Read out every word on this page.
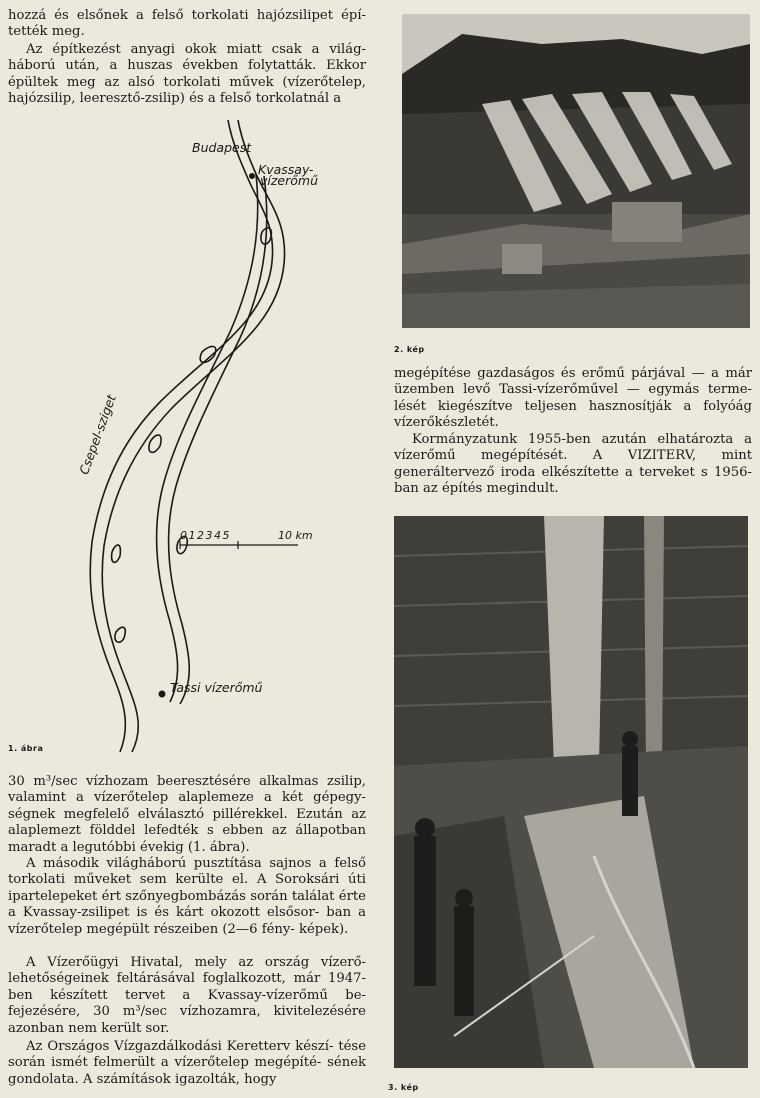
hozzá és elsőnek a felső torkolati hajózsilipet épí- tették meg.

Az építkezést anyagi okok miatt csak a világ- háború után, a huszas években folytatták. Ekkor épültek meg az alsó torkolati művek (vízerőtelep, hajózsilip, leeresztő-zsilip) és a felső torkolatnál a

Budapest
Kvassay-
vízerőmű
Csepel-sziget
012345	10 km
Tassi vízerőmű
1. ábra

30 m³/sec vízhozam beeresztésére alkalmas zsilip, valamint a vízerőtelep alaplemeze a két gépegy- ségnek megfelelő elválasztó pillérekkel. Ezután az alaplemezt földdel lefedték s ebben az állapotban maradt a legutóbbi évekig (1. ábra).

A második világháború pusztítása sajnos a felső torkolati műveket sem kerülte el. A Soroksári úti ipartelepeket ért szőnyegbombázás során találat érte a Kvassay-zsilipet is és kárt okozott elsősor- ban a vízerőtelep megépült részeiben (2—6 fény- képek).

A Vízerőügyi Hivatal, mely az ország vízerő- lehetőségeinek feltárásával foglalkozott, már 1947-ben készített tervet a Kvassay-vízerőmű be- fejezésére, 30 m³/sec vízhozamra, kivitelezésére azonban nem került sor.

Az Országos Vízgazdálkodási Keretterv készí- tése során ismét felmerült a vízerőtelep megépíté- sének gondolata. A számítások igazolták, hogy

2. kép

megépítése gazdaságos és erőmű párjával — a már üzemben levő Tassi-vízerőművel — egymás terme- lését kiegészítve teljesen hasznosítják a folyóág vízerőkészletét.

Kormányzatunk 1955-ben azután elhatározta a vízerőmű megépítését. A VIZITERV, mint generáltervező iroda elkészítette a terveket s 1956-ban az építés megindult.

3. kép
